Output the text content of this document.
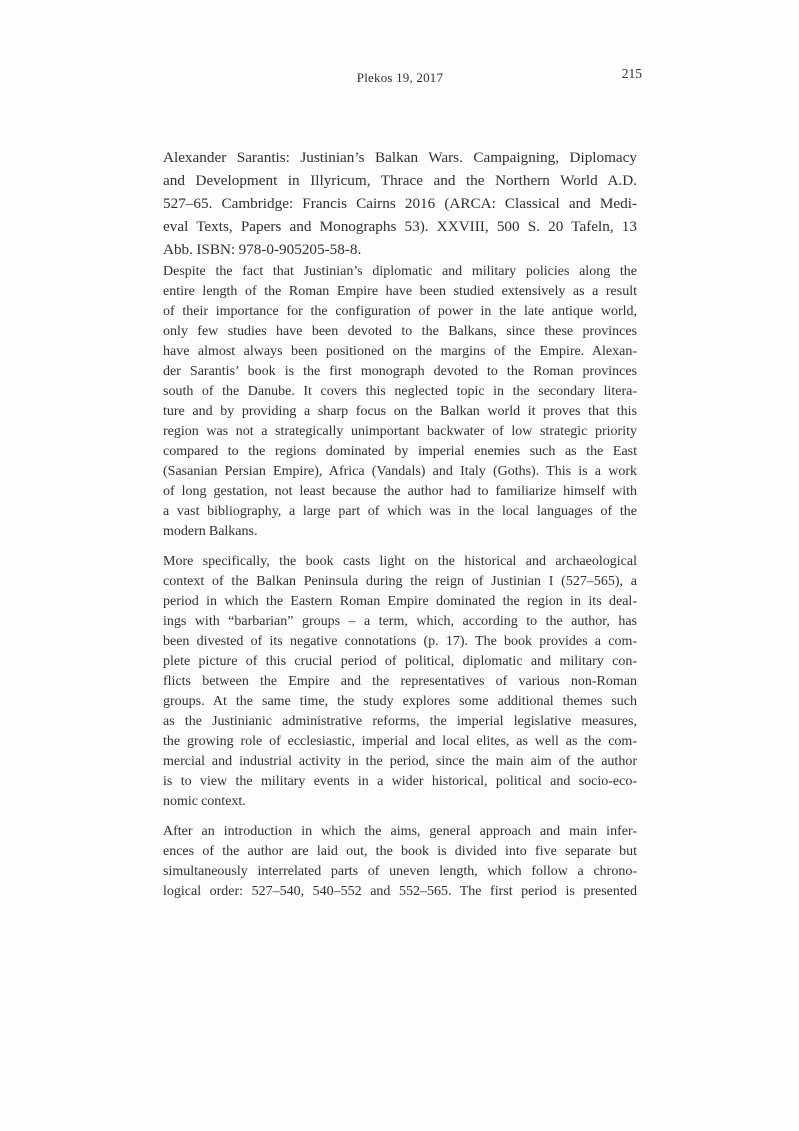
Plekos 19, 2017	215
Alexander Sarantis: Justinian’s Balkan Wars. Campaigning, Diplomacy
and Development in Illyricum, Thrace and the Northern World A.D.
527–65. Cambridge: Francis Cairns 2016 (ARCA: Classical and Medi-
eval Texts, Papers and Monographs 53). XXVIII, 500 S. 20 Tafeln, 13
Abb. ISBN: 978-0-905205-58-8.
Despite the fact that Justinian’s diplomatic and military policies along the
entire length of the Roman Empire have been studied extensively as a result
of their importance for the configuration of power in the late antique world,
only few studies have been devoted to the Balkans, since these provinces
have almost always been positioned on the margins of the Empire. Alexan-
der Sarantis’ book is the first monograph devoted to the Roman provinces
south of the Danube. It covers this neglected topic in the secondary litera-
ture and by providing a sharp focus on the Balkan world it proves that this
region was not a strategically unimportant backwater of low strategic priority
compared to the regions dominated by imperial enemies such as the East
(Sasanian Persian Empire), Africa (Vandals) and Italy (Goths). This is a work
of long gestation, not least because the author had to familiarize himself with
a vast bibliography, a large part of which was in the local languages of the
modern Balkans.
More specifically, the book casts light on the historical and archaeological
context of the Balkan Peninsula during the reign of Justinian I (527–565), a
period in which the Eastern Roman Empire dominated the region in its deal-
ings with “barbarian” groups – a term, which, according to the author, has
been divested of its negative connotations (p. 17). The book provides a com-
plete picture of this crucial period of political, diplomatic and military con-
flicts between the Empire and the representatives of various non-Roman
groups. At the same time, the study explores some additional themes such
as the Justinianic administrative reforms, the imperial legislative measures,
the growing role of ecclesiastic, imperial and local elites, as well as the com-
mercial and industrial activity in the period, since the main aim of the author
is to view the military events in a wider historical, political and socio-eco-
nomic context.
After an introduction in which the aims, general approach and main infer-
ences of the author are laid out, the book is divided into five separate but
simultaneously interrelated parts of uneven length, which follow a chrono-
logical order: 527–540, 540–552 and 552–565. The first period is presented
